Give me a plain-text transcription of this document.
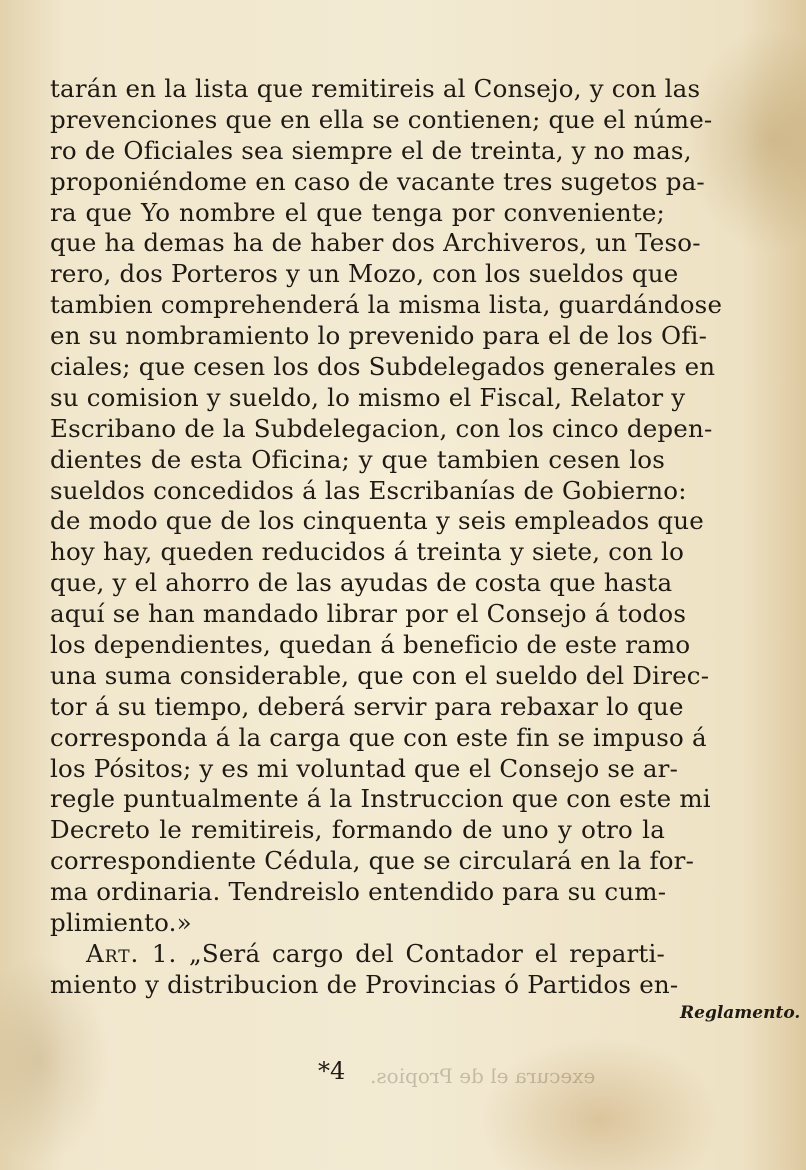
tarán en la lista que remitireis al Consejo, y con las
prevenciones que en ella se contienen; que el núme-
ro de Oficiales sea siempre el de treinta, y no mas,
proponiéndome en caso de vacante tres sugetos pa-
ra que Yo nombre el que tenga por conveniente;
que ha demas ha de haber dos Archiveros, un Teso-
rero, dos Porteros y un Mozo, con los sueldos que
tambien comprehenderá la misma lista, guardándose
en su nombramiento lo prevenido para el de los Ofi-
ciales; que cesen los dos Subdelegados generales en
su comision y sueldo, lo mismo el Fiscal, Relator y
Escribano de la Subdelegacion, con los cinco depen-
dientes de esta Oficina; y que tambien cesen los
sueldos concedidos á las Escribanías de Gobierno:
de modo que de los cinquenta y seis empleados que
hoy hay, queden reducidos á treinta y siete, con lo
que, y el ahorro de las ayudas de costa que hasta
aquí se han mandado librar por el Consejo á todos
los dependientes, quedan á beneficio de este ramo
una suma considerable, que con el sueldo del Direc-
tor á su tiempo, deberá servir para rebaxar lo que
corresponda á la carga que con este fin se impuso á
los Pósitos; y es mi voluntad que el Consejo se ar-
regle puntualmente á la Instruccion que con este mi
Decreto le remitireis, formando de uno y otro la
correspondiente Cédula, que se circulará en la for-
ma ordinaria. Tendreislo entendido para su cum-
plimiento.»
Art. 1. „Será cargo del Contador el reparti-
miento y distribucion de Provincias ó Partidos en-
Reglamento.
*4 execura el de Propios.
